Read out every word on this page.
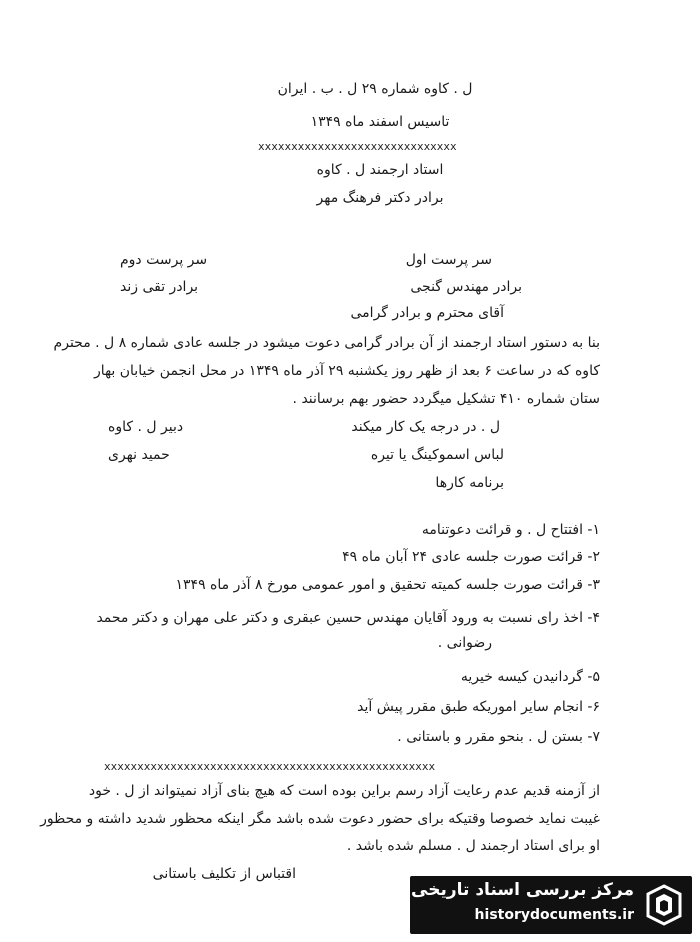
ل . کاوه شماره ۲۹ ل . ب . ایران
تاسیس اسفند ماه ۱۳۴۹
xxxxxxxxxxxxxxxxxxxxxxxxxxxxxx
استاد ارجمند ل . کاوه
برادر دکتر فرهنگ مهر
سر پرست اول
سر پرست دوم
برادر مهندس گنجی
برادر تقی زند
آقای محترم و برادر گرامی
بنا به دستور استاد ارجمند از آن برادر گرامی دعوت میشود در جلسه عادی شماره ۸ ل . محترم
کاوه که در ساعت ۶ بعد از ظهر روز یکشنبه ۲۹ آذر ماه ۱۳۴۹ در محل انجمن خیابان بهار
ستان شماره ۴۱۰ تشکیل میگردد حضور بهم برسانند .
ل . در درجه یک کار میکند
دبیر ل . کاوه
لباس اسموکینگ یا تیره
حمید نهری
برنامه کارها
۱- افتتاح ل . و قرائت دعوتنامه
۲- قرائت صورت جلسه عادی ۲۴ آبان ماه ۴۹
۳- قرائت صورت جلسه کمیته تحقیق و امور عمومی مورخ ۸ آذر ماه ۱۳۴۹
۴- اخذ رای نسبت به ورود آقایان مهندس حسین عبقری و دکتر علی مهران و دکتر محمد
رضوانی .
۵- گردانیدن کیسه خیریه
۶- انجام سایر اموریکه طبق مقرر پیش آید
۷- بستن ل . بنحو مقرر و باستانی .
xxxxxxxxxxxxxxxxxxxxxxxxxxxxxxxxxxxxxxxxxxxxxxxxxx
از آزمنه قدیم عدم رعایت آزاد رسم براین بوده است که هیچ بنای آزاد نمیتواند از ل . خود
غیبت نماید خصوصا وقتیکه برای حضور دعوت شده باشد مگر اینکه محظور شدید داشته و محظور
او برای استاد ارجمند ل . مسلم شده باشد .
اقتباس از تکلیف باستانی
مرکز بررسی اسناد تاریخی
historydocuments.ir
